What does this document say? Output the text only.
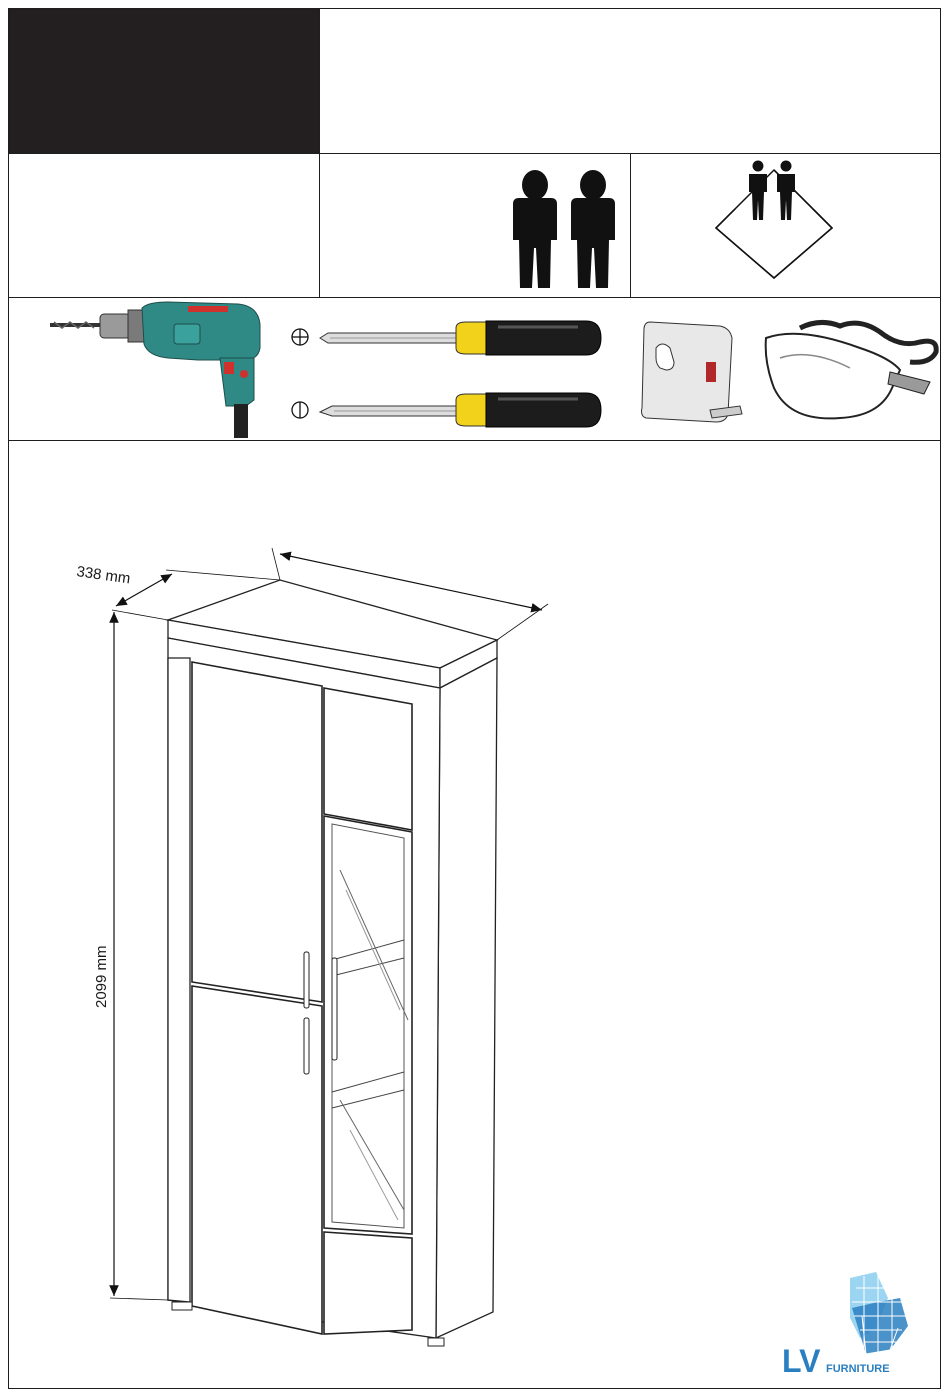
338 mm
2099 mm
LV FURNITURE
